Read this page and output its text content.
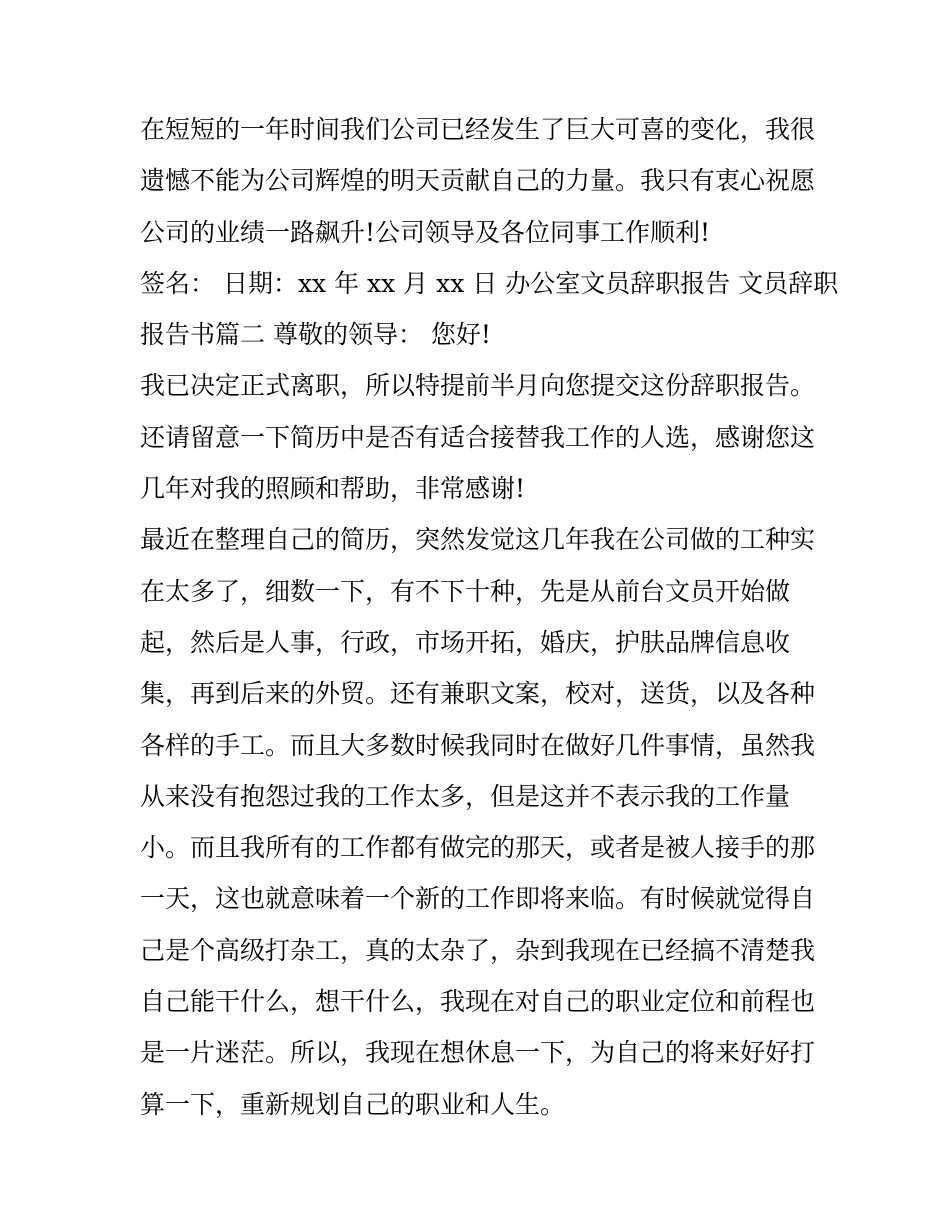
在短短的一年时间我们公司已经发生了巨大可喜的变化，我很
遗憾不能为公司辉煌的明天贡献自己的力量。我只有衷心祝愿
公司的业绩一路飙升!公司领导及各位同事工作顺利!
签名： 日期：xx 年 xx 月 xx 日 办公室文员辞职报告 文员辞职
报告书篇二 尊敬的领导： 您好!
我已决定正式离职，所以特提前半月向您提交这份辞职报告。
还请留意一下简历中是否有适合接替我工作的人选，感谢您这
几年对我的照顾和帮助，非常感谢!
最近在整理自己的简历，突然发觉这几年我在公司做的工种实
在太多了，细数一下，有不下十种，先是从前台文员开始做
起，然后是人事，行政，市场开拓，婚庆，护肤品牌信息收
集，再到后来的外贸。还有兼职文案，校对，送货，以及各种
各样的手工。而且大多数时候我同时在做好几件事情，虽然我
从来没有抱怨过我的工作太多，但是这并不表示我的工作量
小。而且我所有的工作都有做完的那天，或者是被人接手的那
一天，这也就意味着一个新的工作即将来临。有时候就觉得自
己是个高级打杂工，真的太杂了，杂到我现在已经搞不清楚我
自己能干什么，想干什么，我现在对自己的职业定位和前程也
是一片迷茫。所以，我现在想休息一下，为自己的将来好好打
算一下，重新规划自己的职业和人生。
